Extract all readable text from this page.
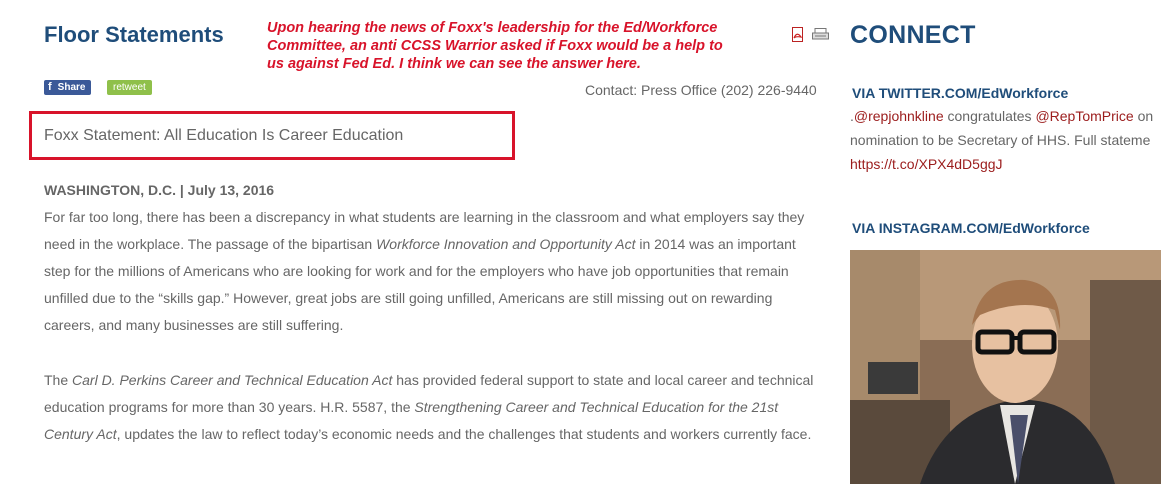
Floor Statements	Upon hearing the news of Foxx's leadership for the Ed/Workforce Committee, an anti CCSS Warrior asked if Foxx would be a help to us against Fed Ed. I think we can see the answer here.
f Share	retweet	Contact: Press Office (202) 226-9440
Foxx Statement: All Education Is Career Education
WASHINGTON, D.C. | July 13, 2016

For far too long, there has been a discrepancy in what students are learning in the classroom and what employers say they need in the workplace. The passage of the bipartisan Workforce Innovation and Opportunity Act in 2014 was an important step for the millions of Americans who are looking for work and for the employers who have job opportunities that remain unfilled due to the “skills gap.” However, great jobs are still going unfilled, Americans are still missing out on rewarding careers, and many businesses are still suffering.

The Carl D. Perkins Career and Technical Education Act has provided federal support to state and local career and technical education programs for more than 30 years. H.R. 5587, the Strengthening Career and Technical Education for the 21st Century Act, updates the law to reflect today’s economic needs and the challenges that students and workers currently face.

CONNECT
VIA TWITTER.COM/EdWorkforce
.@repjohnkline congratulates @RepTomPrice on
nomination to be Secretary of HHS. Full stateme
https://t.co/XPX4dD5ggJ
VIA INSTAGRAM.COM/EdWorkforce
